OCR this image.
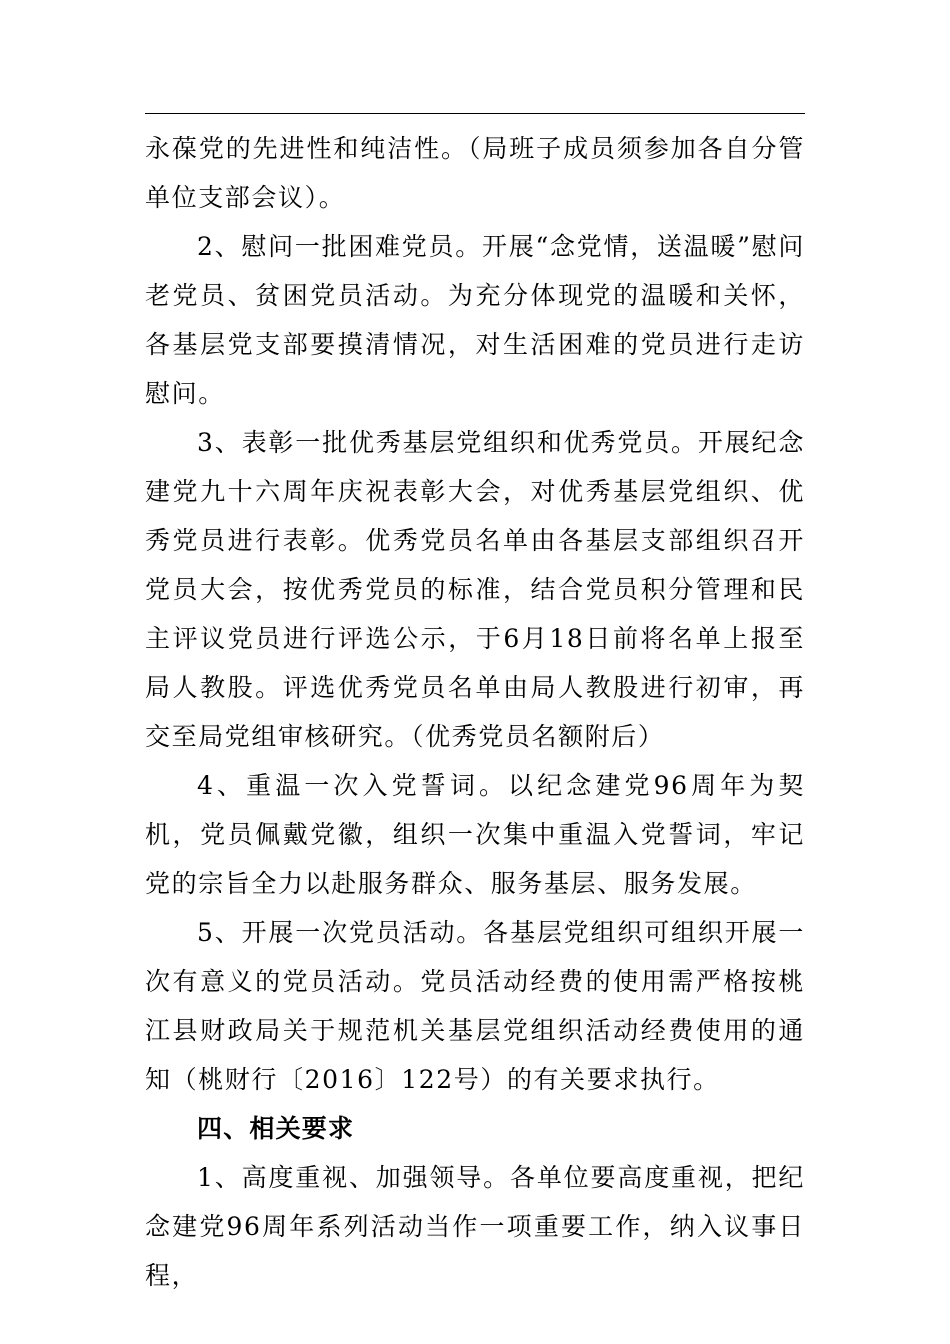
永葆党的先进性和纯洁性。（局班子成员须参加各自分管单位支部会议）。

2、慰问一批困难党员。开展“念党情，送温暖”慰问老党员、贫困党员活动。为充分体现党的温暖和关怀，各基层党支部要摸清情况，对生活困难的党员进行走访慰问。

3、表彰一批优秀基层党组织和优秀党员。开展纪念建党九十六周年庆祝表彰大会，对优秀基层党组织、优秀党员进行表彰。优秀党员名单由各基层支部组织召开党员大会，按优秀党员的标准，结合党员积分管理和民主评议党员进行评选公示，于6月18日前将名单上报至局人教股。评选优秀党员名单由局人教股进行初审，再交至局党组审核研究。（优秀党员名额附后）

4、重温一次入党誓词。以纪念建党96周年为契机，党员佩戴党徽，组织一次集中重温入党誓词，牢记党的宗旨全力以赴服务群众、服务基层、服务发展。

5、开展一次党员活动。各基层党组织可组织开展一次有意义的党员活动。党员活动经费的使用需严格按桃江县财政局关于规范机关基层党组织活动经费使用的通知（桃财行〔2016〕122号）的有关要求执行。

四、相关要求

1、高度重视、加强领导。各单位要高度重视，把纪念建党96周年系列活动当作一项重要工作，纳入议事日程，
